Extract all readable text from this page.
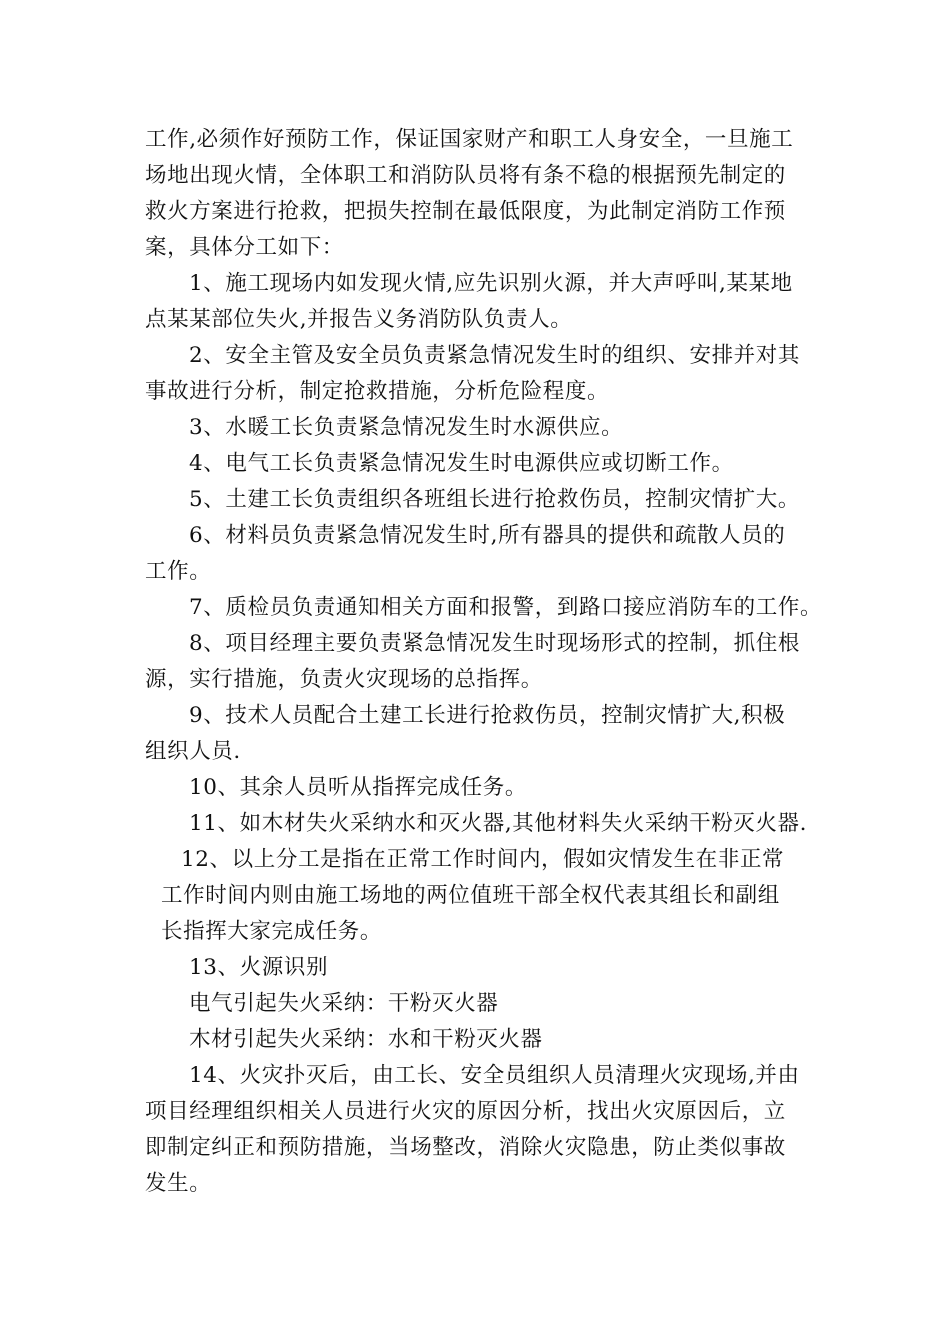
工作,必须作好预防工作，保证国家财产和职工人身安全，一旦施工
场地出现火情，全体职工和消防队员将有条不稳的根据预先制定的
救火方案进行抢救，把损失控制在最低限度，为此制定消防工作预
案，具体分工如下：
1、施工现场内如发现火情,应先识别火源，并大声呼叫,某某地
点某某部位失火,并报告义务消防队负责人。
2、安全主管及安全员负责紧急情况发生时的组织、安排并对其
事故进行分析，制定抢救措施，分析危险程度。
3、水暖工长负责紧急情况发生时水源供应。
4、电气工长负责紧急情况发生时电源供应或切断工作。
5、土建工长负责组织各班组长进行抢救伤员，控制灾情扩大。
6、材料员负责紧急情况发生时,所有器具的提供和疏散人员的
工作。
7、质检员负责通知相关方面和报警，到路口接应消防车的工作。
8、项目经理主要负责紧急情况发生时现场形式的控制，抓住根
源，实行措施，负责火灾现场的总指挥。
9、技术人员配合土建工长进行抢救伤员，控制灾情扩大,积极
组织人员.
10、其余人员听从指挥完成任务。
11、如木材失火采纳水和灭火器,其他材料失火采纳干粉灭火器.
12、以上分工是指在正常工作时间内，假如灾情发生在非正常
工作时间内则由施工场地的两位值班干部全权代表其组长和副组
长指挥大家完成任务。
13、火源识别
电气引起失火采纳：干粉灭火器
木材引起失火采纳：水和干粉灭火器
14、火灾扑灭后，由工长、安全员组织人员清理火灾现场,并由
项目经理组织相关人员进行火灾的原因分析，找出火灾原因后，立
即制定纠正和预防措施，当场整改，消除火灾隐患，防止类似事故
发生。
